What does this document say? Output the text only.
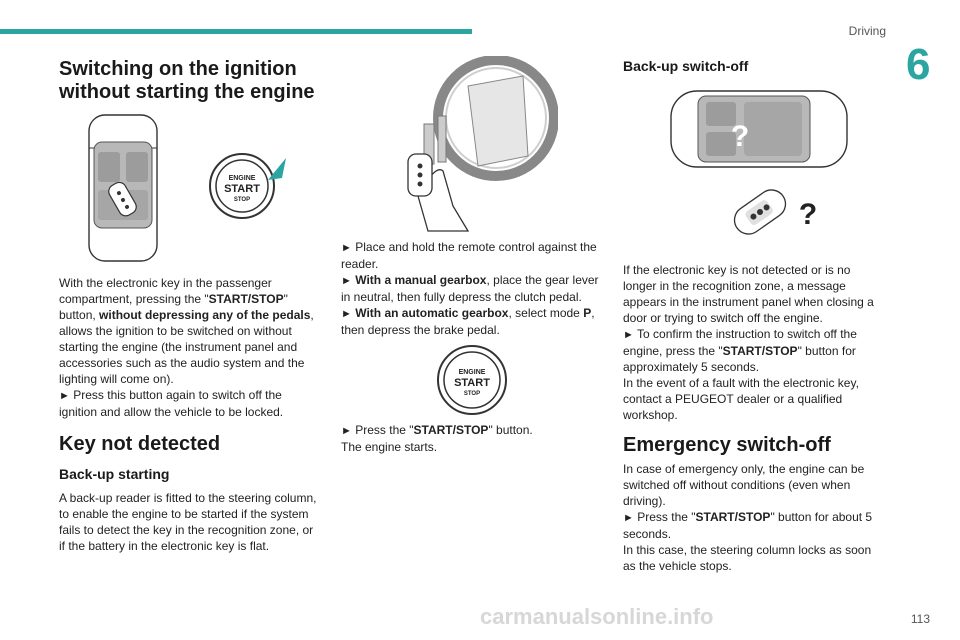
Driving
6

Switching on the ignition

without starting the engine

ENGINE
START
STOP

With the electronic key in the passenger compartment, pressing the "START/STOP" button, without depressing any of the pedals, allows the ignition to be switched on without starting the engine (the instrument panel and accessories such as the audio system and the lighting will come on).

► Press this button again to switch off the ignition and allow the vehicle to be locked.

Key not detected

Back-up starting

A back-up reader is fitted to the steering column, to enable the engine to be started if the system fails to detect the key in the recognition zone, or if the battery in the electronic key is flat.

► Place and hold the remote control against the reader.

► With a manual gearbox, place the gear lever in neutral, then fully depress the clutch pedal.

► With an automatic gearbox, select mode P, then depress the brake pedal.

ENGINE
START
STOP

► Press the "START/STOP" button.

The engine starts.

Back-up switch-off

?
?

If the electronic key is not detected or is no longer in the recognition zone, a message appears in the instrument panel when closing a door or trying to switch off the engine.

► To confirm the instruction to switch off the engine, press the "START/STOP" button for approximately 5 seconds.

In the event of a fault with the electronic key, contact a PEUGEOT dealer or a qualified workshop.

Emergency switch-off

In case of emergency only, the engine can be switched off without conditions (even when driving).

► Press the "START/STOP" button for about 5 seconds.

In this case, the steering column locks as soon as the vehicle stops.

carmanualsonline.info	113
